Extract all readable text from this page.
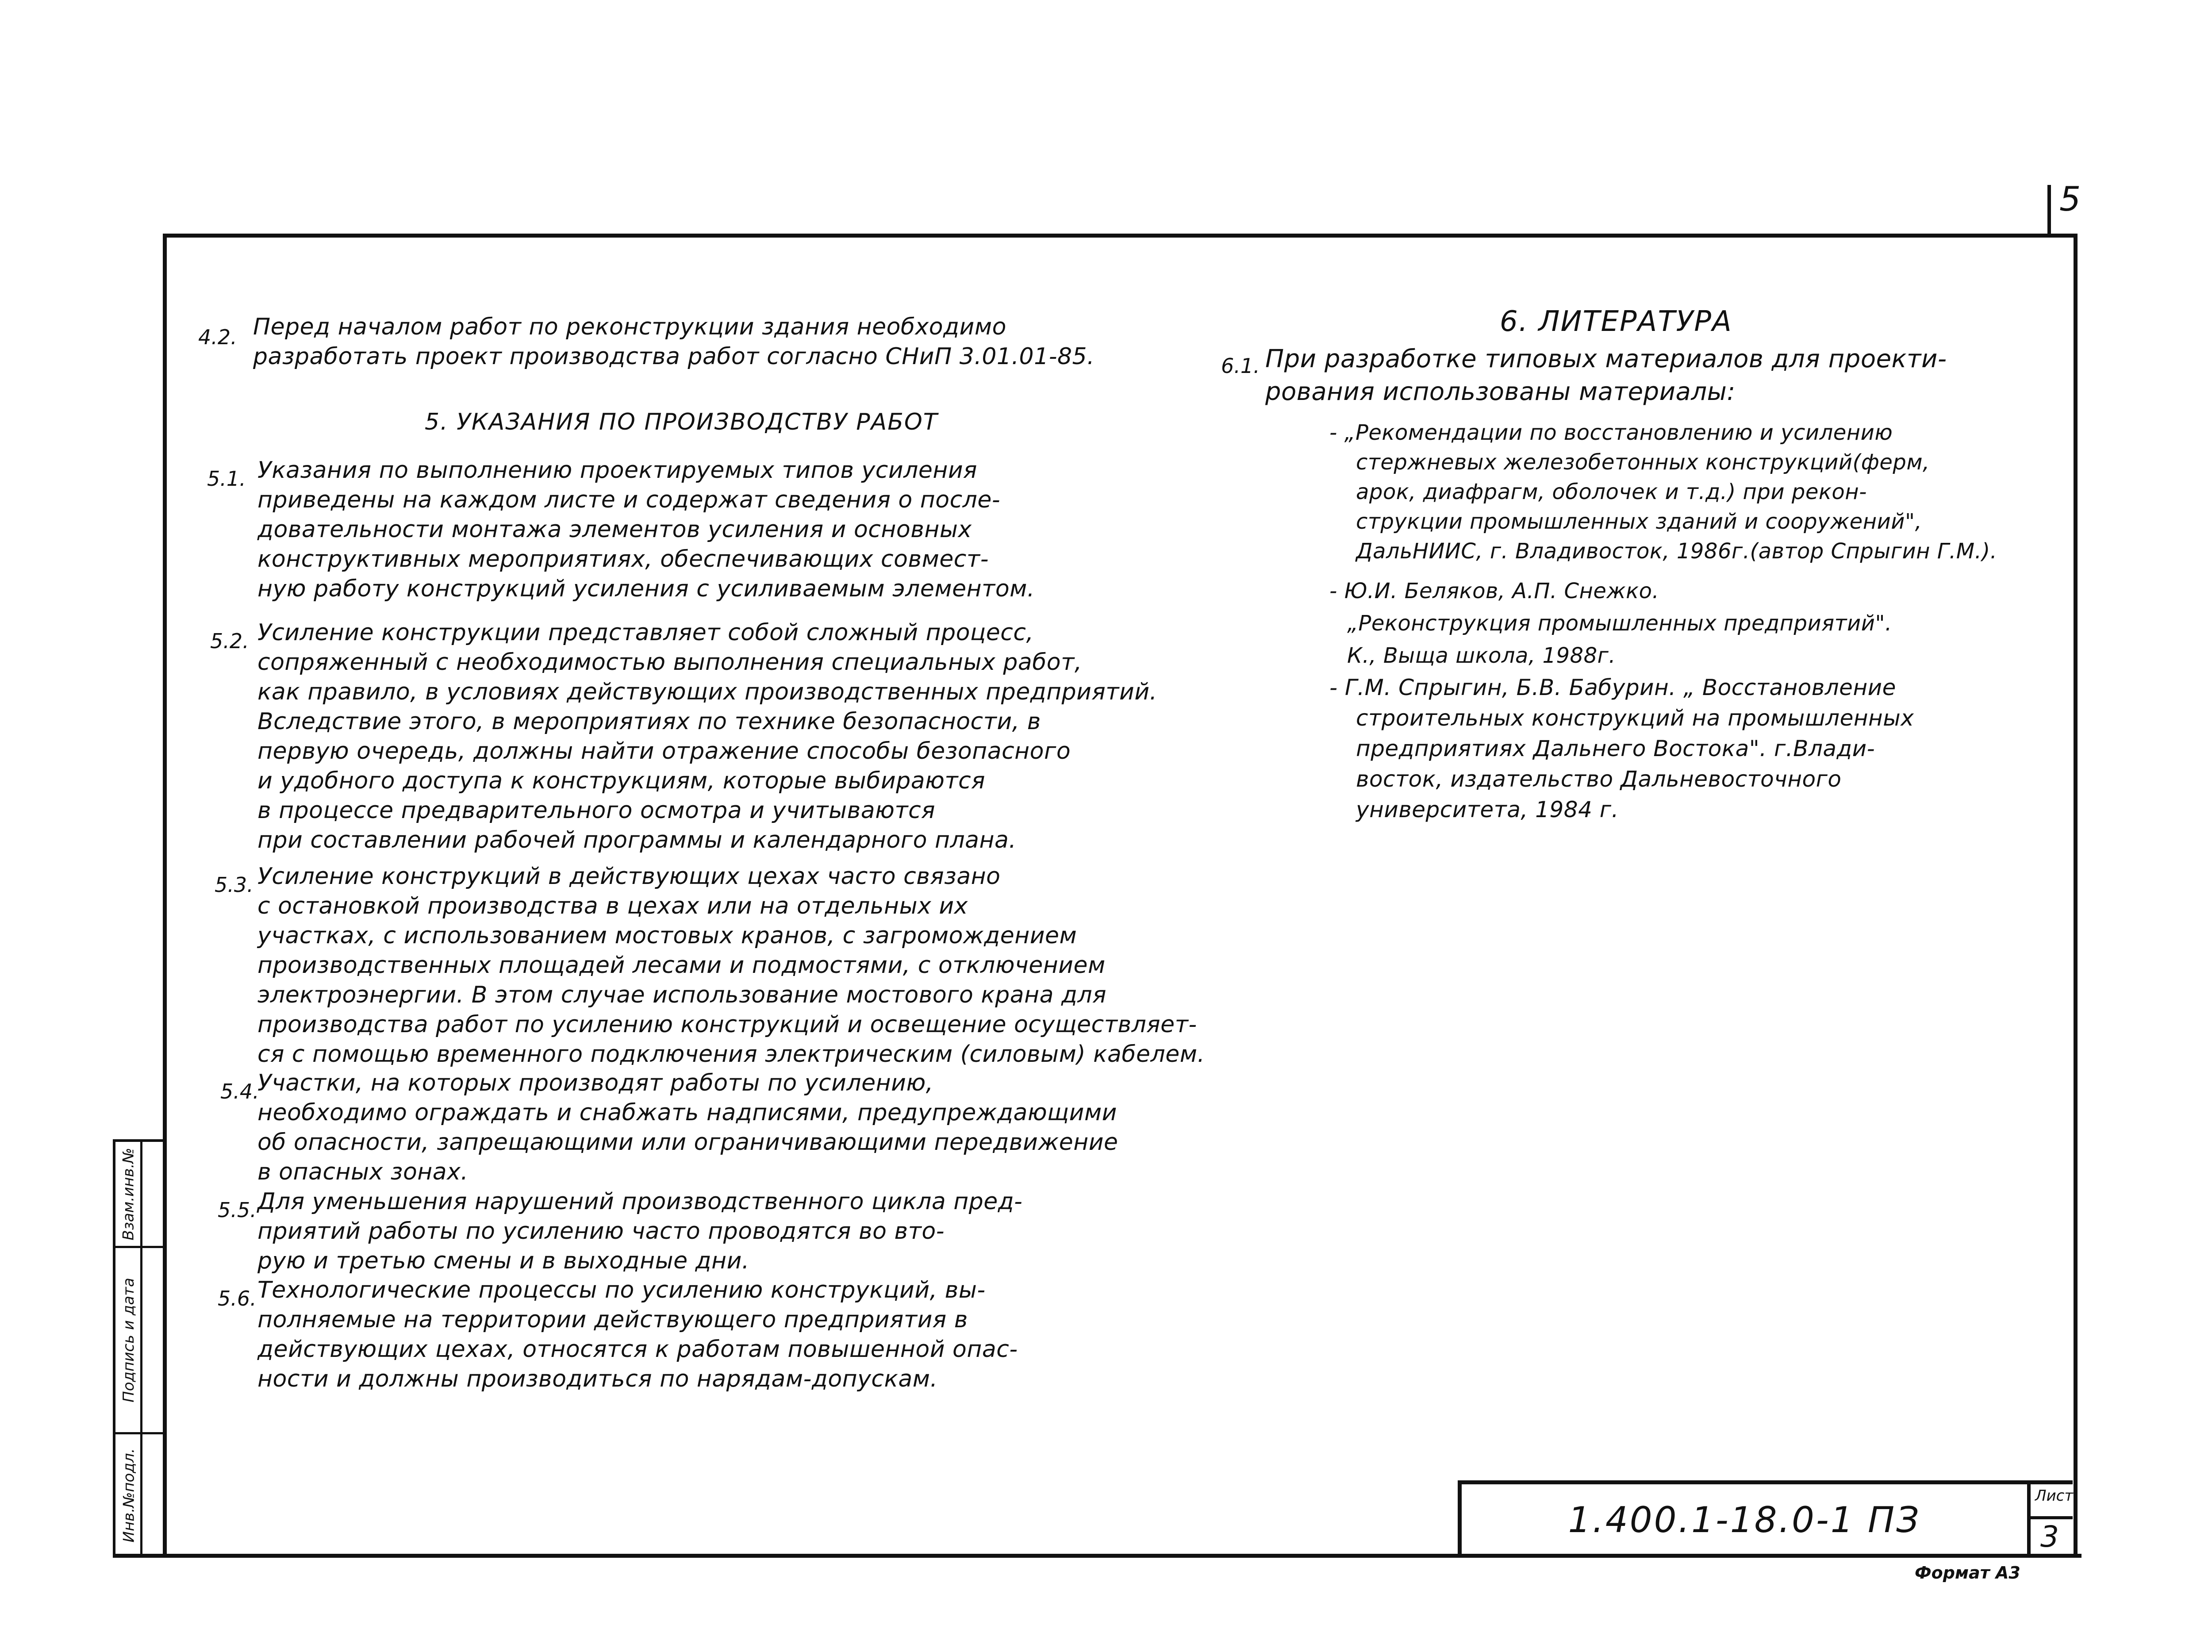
5
Взам.инв.№
Подпись и дата
Инв.№подл.
4.2. Перед началом работ по реконструкции здания необходимо
разработать проект производства работ согласно СНиП 3.01.01-85.
5. УКАЗАНИЯ ПО ПРОИЗВОДСТВУ РАБОТ
5.1. Указания по выполнению проектируемых типов усиления
приведены на каждом листе и содержат сведения о после-
довательности монтажа элементов усиления и основных
конструктивных мероприятиях, обеспечивающих совмест-
ную работу конструкций усиления с усиливаемым элементом.
5.2. Усиление конструкции представляет собой сложный процесс,
сопряженный с необходимостью выполнения специальных работ,
как правило, в условиях действующих производственных предприятий.
Вследствие этого, в мероприятиях по технике безопасности, в
первую очередь, должны найти отражение способы безопасного
и удобного доступа к конструкциям, которые выбираются
в процессе предварительного осмотра и учитываются
при составлении рабочей программы и календарного плана.
5.3. Усиление конструкций в действующих цехах часто связано
с остановкой производства в цехах или на отдельных их
участках, с использованием мостовых кранов, с загромождением
производственных площадей лесами и подмостями, с отключением
электроэнергии. В этом случае использование мостового крана для
производства работ по усилению конструкций и освещение осуществляет-
ся с помощью временного подключения электрическим (силовым) кабелем.
5.4.
Участки, на которых производят работы по усилению,
необходимо ограждать и снабжать надписями, предупреждающими
об опасности, запрещающими или ограничивающими передвижение
в опасных зонах.
5.5. Для уменьшения нарушений производственного цикла пред-
приятий работы по усилению часто проводятся во вто-
рую и третью смены и в выходные дни.
5.6. Технологические процессы по усилению конструкций, вы-
полняемые на территории действующего предприятия в
действующих цехах, относятся к работам повышенной опас-
ности и должны производиться по нарядам-допускам.
6. ЛИТЕРАТУРА
6.1. При разработке типовых материалов для проекти-
рования использованы материалы:
- „Рекомендации по восстановлению и усилению
стержневых железобетонных конструкций(ферм,
арок, диафрагм, оболочек и т.д.) при рекон-
струкции промышленных зданий и сооружений",
ДальНИИС, г. Владивосток, 1986г.(автор Спрыгин Г.М.).
- Ю.И. Беляков, А.П. Снежко.
„Реконструкция промышленных предприятий".
К., Выща школа, 1988г.
- Г.М. Спрыгин, Б.В. Бабурин. „ Восстановление
строительных конструкций на промышленных
предприятиях Дальнего Востока". г.Влади-
восток, издательство Дальневосточного
университета, 1984 г.
1.400.1-18.0-1 ПЗ
Лист
3
Формат А3
